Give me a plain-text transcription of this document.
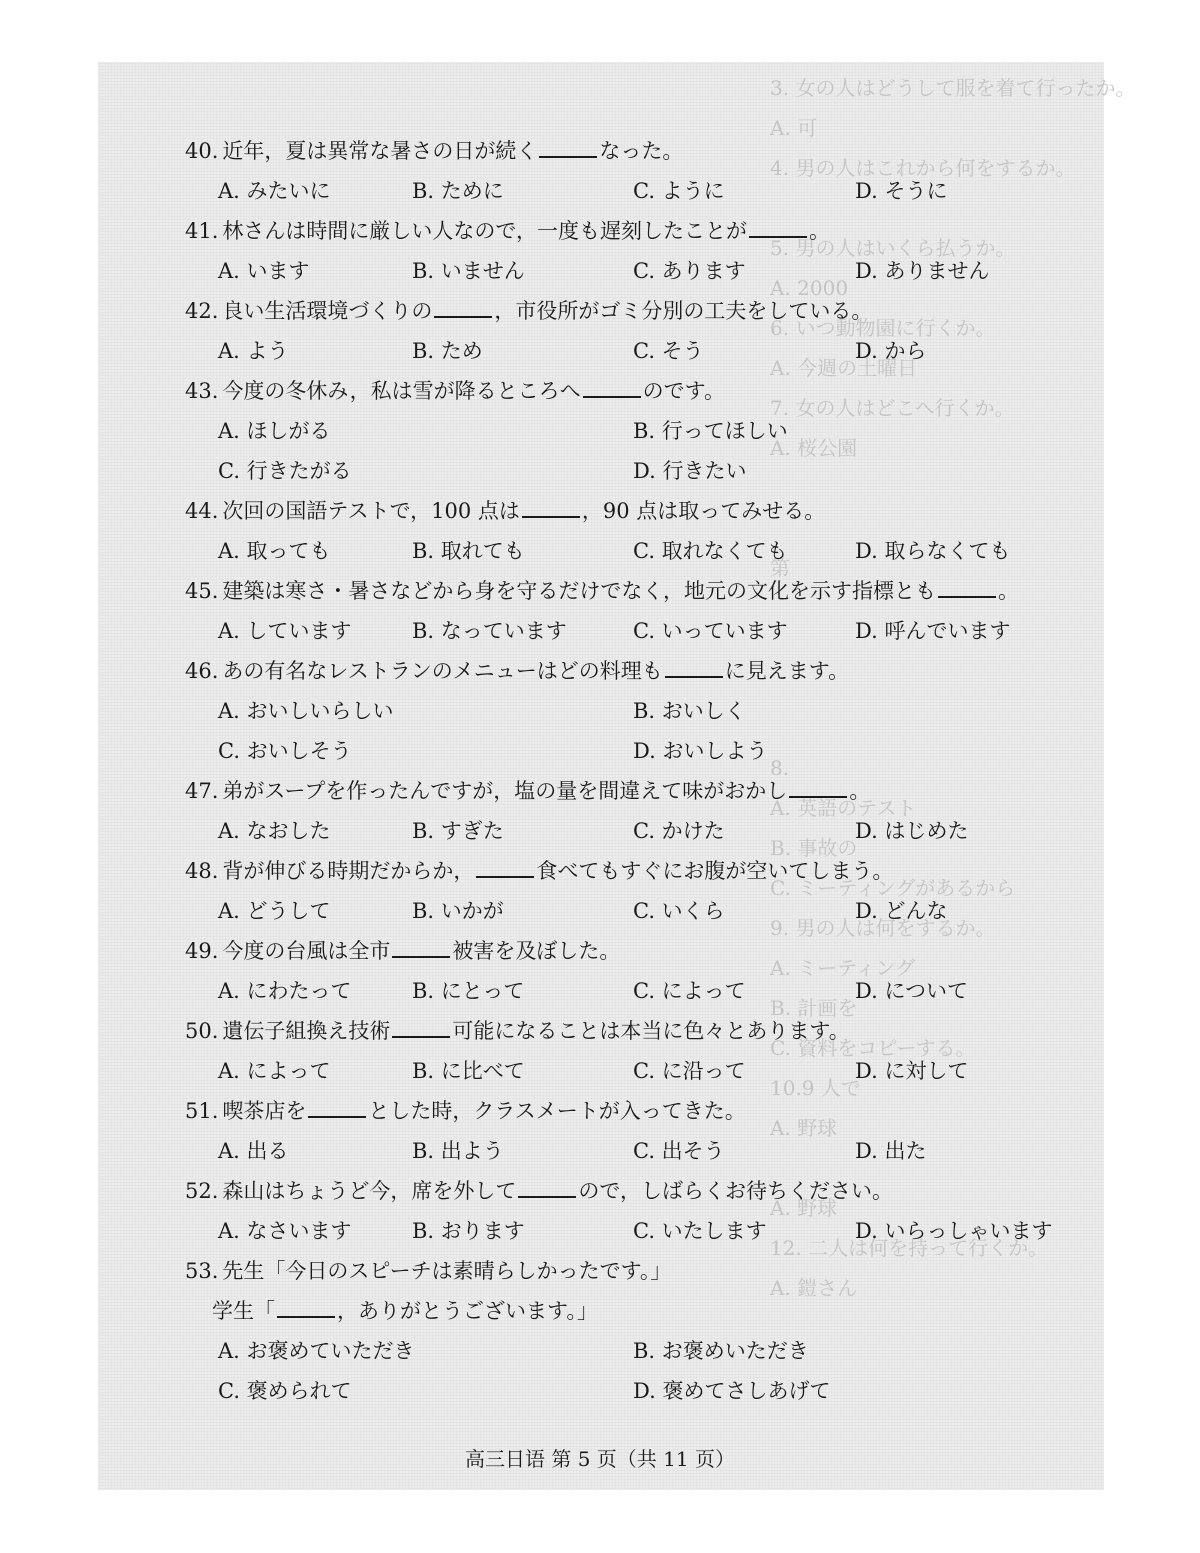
3. 女の人はどうして服を着て行ったか。
A. 可
4. 男の人はこれから何をするか。

5. 男の人はいくら払うか。
A. 2000
6. いつ動物園に行くか。
A. 今週の土曜日
7. 女の人はどこへ行くか。
A. 桜公園

第

8.
A. 英語のテスト
B. 事故の
C. ミーティングがあるから
9. 男の人は何をするか。
A. ミーティング
B. 計画を
C. 資料をコピーする。
10.9 人で
A. 野球

A. 野球
12. 二人は何を持って行くか。
A. 鎧さん
40. 近年，夏は異常な暑さの日が続く	なった。
A. みたいに	B. ために	C. ように	D. そうに
41. 林さんは時間に厳しい人なので，一度も遅刻したことが	。
A. います	B. いません	C. あります	D. ありません
42. 良い生活環境づくりの	，市役所がゴミ分別の工夫をしている。
A. よう	B. ため	C. そう	D. から
43. 今度の冬休み，私は雪が降るところへ	のです。
A. ほしがる	B. 行ってほしい
C. 行きたがる	D. 行きたい
44. 次回の国語テストで，100 点は	，90 点は取ってみせる。
A. 取っても	B. 取れても	C. 取れなくても	D. 取らなくても
45. 建築は寒さ・暑さなどから身を守るだけでなく，地元の文化を示す指標とも	。
A. しています	B. なっています	C. いっています	D. 呼んでいます
46. あの有名なレストランのメニューはどの料理も	に見えます。
A. おいしいらしい	B. おいしく
C. おいしそう	D. おいしよう
47. 弟がスープを作ったんですが，塩の量を間違えて味がおかし	。
A. なおした	B. すぎた	C. かけた	D. はじめた
48. 背が伸びる時期だからか，	食べてもすぐにお腹が空いてしまう。
A. どうして	B. いかが	C. いくら	D. どんな
49. 今度の台風は全市	被害を及ぼした。
A. にわたって	B. にとって	C. によって	D. について
50. 遺伝子組換え技術	可能になることは本当に色々とあります。
A. によって	B. に比べて	C. に沿って	D. に対して
51. 喫茶店を	とした時，クラスメートが入ってきた。
A. 出る	B. 出よう	C. 出そう	D. 出た
52. 森山はちょうど今，席を外して	ので，しばらくお待ちください。
A. なさいます	B. おります	C. いたします	D. いらっしゃいます
53. 先生「今日のスピーチは素晴らしかったです。」
学生「	，ありがとうございます。」
A. お褒めていただき	B. お褒めいただき
C. 褒められて	D. 褒めてさしあげて
高三日语 第 5 页（共 11 页）
